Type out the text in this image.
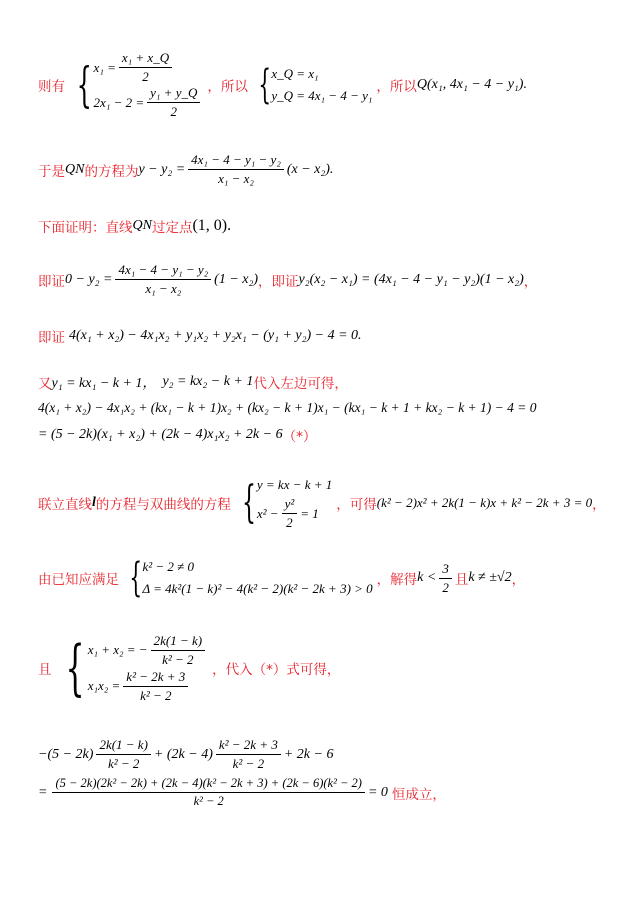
则有 { $x_1 = \frac{\text{x₁ + x\_Q}}{2}$
$2x_1 - 2 = \frac{\text{y₁ + y\_Q}}{2}$ ，所以 { x_Q = x₁
y_Q = 4x₁ − 4 − y₁
，所以 Q(x₁, 4x₁ − 4 − y₁).
于是 QN 的方程为 $y - y_2 = \frac{\text{4x₁ − 4 − y₁ − y₂}}{\text{x₁ − x₂}} (x - x_2)$.
下面证明：直线 QN 过定点 (1, 0).
即证 $0 - y_2 = \frac{\text{4x₁ − 4 − y₁ − y₂}}{\text{x₁ − x₂}} (1 - x_2)$ ，即证 y₂(x₂ − x₁) = (4x₁ − 4 − y₁ − y₂)(1 − x₂) ，
即证 4(x₁ + x₂) − 4x₁x₂ + y₁x₂ + y₂x₁ − (y₁ + y₂) − 4 = 0.
又 y₁ = kx₁ − k + 1， y₂ = kx₂ − k + 1 代入左边可得，
4(x₁ + x₂) − 4x₁x₂ + (kx₁ − k + 1)x₂ + (kx₂ − k + 1)x₁ − (kx₁ − k + 1 + kx₂ − k + 1) − 4 = 0
= (5 − 2k)(x₁ + x₂) + (2k − 4)x₁x₂ + 2k − 6 （*）
联立直线 l 的方程与双曲线的方程 { y = kx − k + 1
$x^2 - \frac{\text{y²}}{2} = 1$
，可得 (k² − 2)x² + 2k(1 − k)x + k² − 2k + 3 = 0 ，
由已知应满足 { k² − 2 ≠ 0
Δ = 4k²(1 − k)² − 4(k² − 2)(k² − 2k + 3) > 0
，解得 $k < \frac{3}{2}$ 且 k ≠ ±√2 ，
且 { x₁ + x₂ = − $\frac{2k(1 - k)}{\text{k² − 2}}$
$x_1x_2 = \frac{\text{k² − 2k + 3}}{\text{k² − 2}}$ ，代入（*）式可得，
$-(5 - 2k) \frac{2k(1 - k)}{\text{k² − 2}} + (2k - 4) \frac{\text{k² − 2k + 3}}{\text{k² − 2}} + 2k - 6$
=
(5 − 2k)(2k² − 2k) + (2k − 4)(k² − 2k + 3) + (2k − 6)(k² − 2)
k² − 2
= 0 恒成立，
